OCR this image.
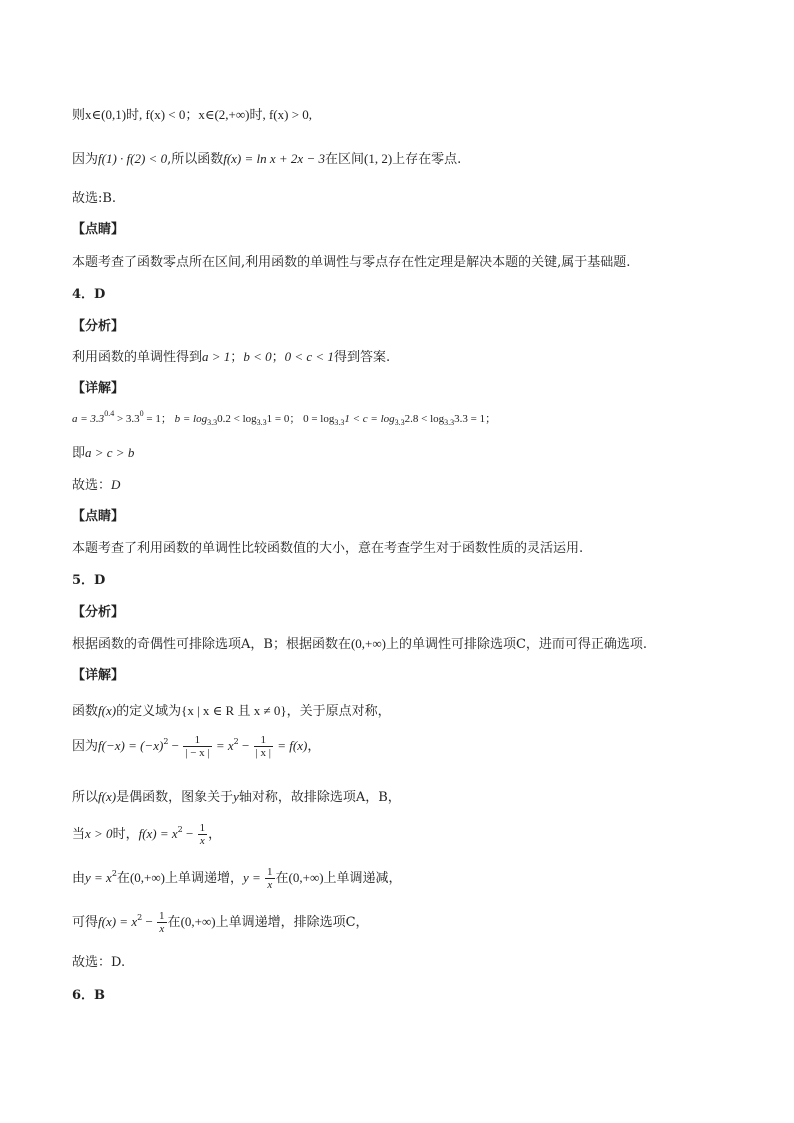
则x∈(0,1)时, f(x) < 0；x∈(2,+∞)时, f(x) > 0,
因为f(1) · f(2) < 0,所以函数f(x) = ln x + 2x − 3在区间(1, 2)上存在零点.
故选:B.
【点睛】
本题考查了函数零点所在区间,利用函数的单调性与零点存在性定理是解决本题的关键,属于基础题.
4．D
【分析】
利用函数的单调性得到a > 1；b < 0；0 < c < 1得到答案.
【详解】
$a = 3.3^{0.4} > 3.3^0 = 1$； $b = \log_{3.3}0.2 < \log_{3.3}1 = 0$； $0 = \log_{3.3}1 < c = \log_{3.3}2.8 < \log_{3.3}3.3 = 1$；
即a > c > b
故选：D
【点睛】
本题考查了利用函数的单调性比较函数值的大小，意在考查学生对于函数性质的灵活运用.
5．D
【分析】
根据函数的奇偶性可排除选项A，B；根据函数在(0,+∞)上的单调性可排除选项C，进而可得正确选项.
【详解】
函数f(x)的定义域为{x | x ∈ R 且 x ≠ 0}，关于原点对称，
因为$f(-x) = (-x)^2 - \frac{1}{| - x |} = x^2 - \frac{1}{| x |} = f(x)$，
所以f(x)是偶函数，图象关于y轴对称，故排除选项A，B，
当x > 0时，$f(x) = x^2 - \frac{1}{x}$ ，
由$y = x^2$在(0,+∞)上单调递增，$y = \frac{1}{x}$ 在(0,+∞)上单调递减，
可得$f(x) = x^2 - \frac{1}{x}$ 在(0,+∞)上单调递增，排除选项C，
故选：D.
6．B
